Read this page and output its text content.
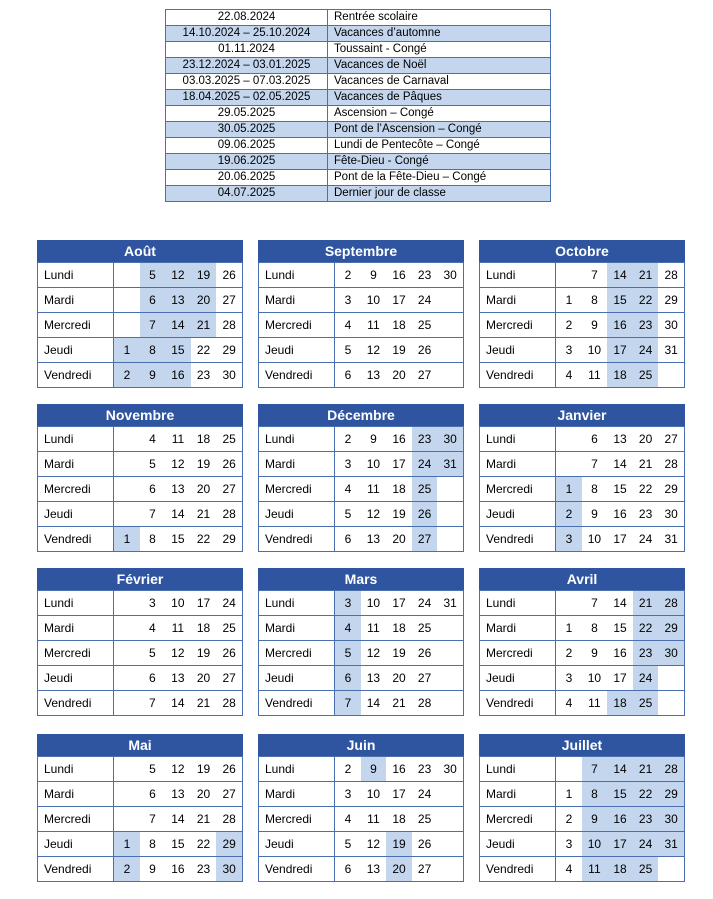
22.08.2024	Rentrée scolaire
14.10.2024 – 25.10.2024	Vacances d’automne
01.11.2024	Toussaint - Congé
23.12.2024 – 03.01.2025	Vacances de Noël
03.03.2025 – 07.03.2025	Vacances de Carnaval
18.04.2025 – 02.05.2025	Vacances de Pâques
29.05.2025	Ascension – Congé
30.05.2025	Pont de l’Ascension – Congé
09.06.2025	Lundi de Pentecôte – Congé
19.06.2025	Fête-Dieu - Congé
20.06.2025	Pont de la Fête-Dieu – Congé
04.07.2025	Dernier jour de classe
Août
Lundi		5	12	19	26
Mardi		6	13	20	27
Mercredi		7	14	21	28
Jeudi	1	8	15	22	29
Vendredi	2	9	16	23	30
Septembre
Lundi	2	9	16	23	30
Mardi	3	10	17	24	
Mercredi	4	11	18	25	
Jeudi	5	12	19	26	
Vendredi	6	13	20	27	
Octobre
Lundi		7	14	21	28
Mardi	1	8	15	22	29
Mercredi	2	9	16	23	30
Jeudi	3	10	17	24	31
Vendredi	4	11	18	25	
Novembre
Lundi		4	11	18	25
Mardi		5	12	19	26
Mercredi		6	13	20	27
Jeudi		7	14	21	28
Vendredi	1	8	15	22	29
Décembre
Lundi	2	9	16	23	30
Mardi	3	10	17	24	31
Mercredi	4	11	18	25	
Jeudi	5	12	19	26	
Vendredi	6	13	20	27	
Janvier
Lundi		6	13	20	27
Mardi		7	14	21	28
Mercredi	1	8	15	22	29
Jeudi	2	9	16	23	30
Vendredi	3	10	17	24	31
Février
Lundi		3	10	17	24
Mardi		4	11	18	25
Mercredi		5	12	19	26
Jeudi		6	13	20	27
Vendredi		7	14	21	28
Mars
Lundi	3	10	17	24	31
Mardi	4	11	18	25	
Mercredi	5	12	19	26	
Jeudi	6	13	20	27	
Vendredi	7	14	21	28	
Avril
Lundi		7	14	21	28
Mardi	1	8	15	22	29
Mercredi	2	9	16	23	30
Jeudi	3	10	17	24	
Vendredi	4	11	18	25	
Mai
Lundi		5	12	19	26
Mardi		6	13	20	27
Mercredi		7	14	21	28
Jeudi	1	8	15	22	29
Vendredi	2	9	16	23	30
Juin
Lundi	2	9	16	23	30
Mardi	3	10	17	24	
Mercredi	4	11	18	25	
Jeudi	5	12	19	26	
Vendredi	6	13	20	27	
Juillet
Lundi		7	14	21	28
Mardi	1	8	15	22	29
Mercredi	2	9	16	23	30
Jeudi	3	10	17	24	31
Vendredi	4	11	18	25	
